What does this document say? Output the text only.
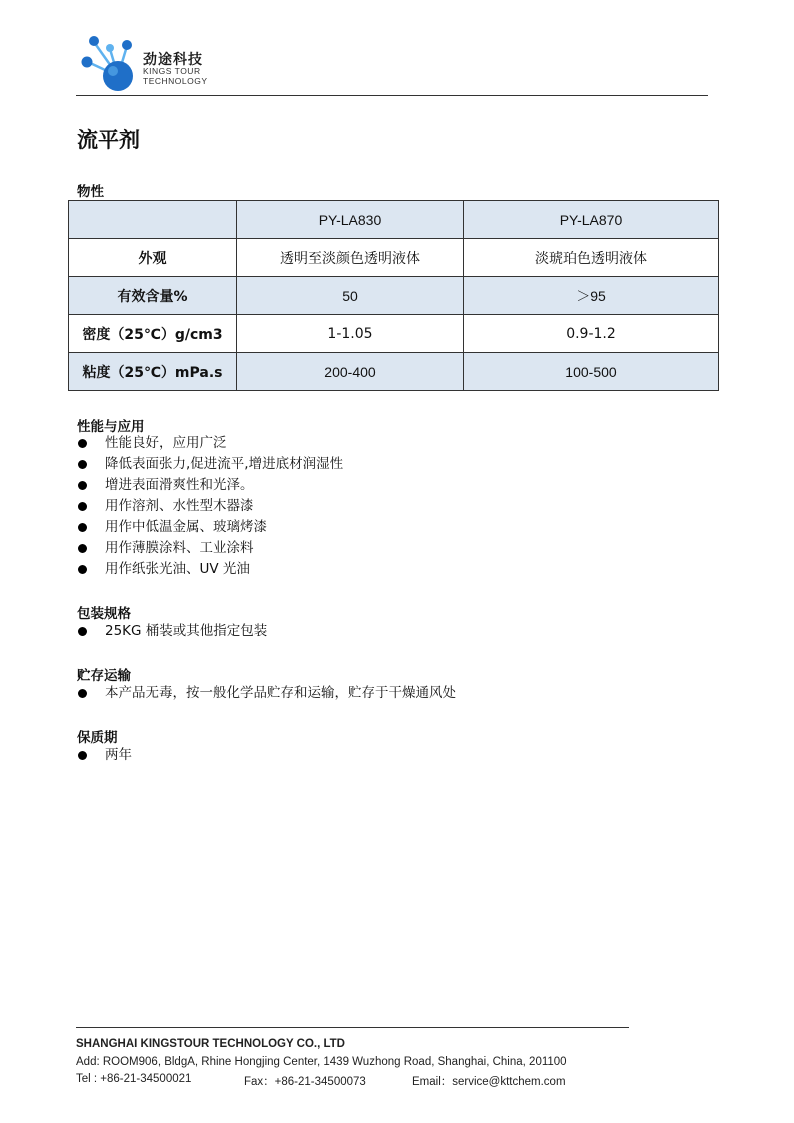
劲途科技
KINGS TOUR
TECHNOLOGY
流平剂
物性
	PY-LA830	PY-LA870
外观	透明至淡颜色透明液体	淡琥珀色透明液体
有效含量%	50	＞95
密度（25℃）g/cm3	1-1.05	0.9-1.2
粘度（25℃）mPa.s	200-400	100-500
性能与应用
性能良好，应用广泛
降低表面张力,促进流平,增进底材润湿性
增进表面滑爽性和光泽。
用作溶剂、水性型木器漆
用作中低温金属、玻璃烤漆
用作薄膜涂料、工业涂料
用作纸张光油、UV 光油
包装规格
25KG 桶装或其他指定包装
贮存运输
本产品无毒，按一般化学品贮存和运输，贮存于干燥通风处
保质期
两年
SHANGHAI KINGSTOUR TECHNOLOGY CO., LTD
Add: ROOM906, BldgA, Rhine Hongjing Center, 1439 Wuzhong Road, Shanghai, China, 201100
Tel : +86-21-34500021	Fax：+86-21-34500073	Email：service@kttchem.com
